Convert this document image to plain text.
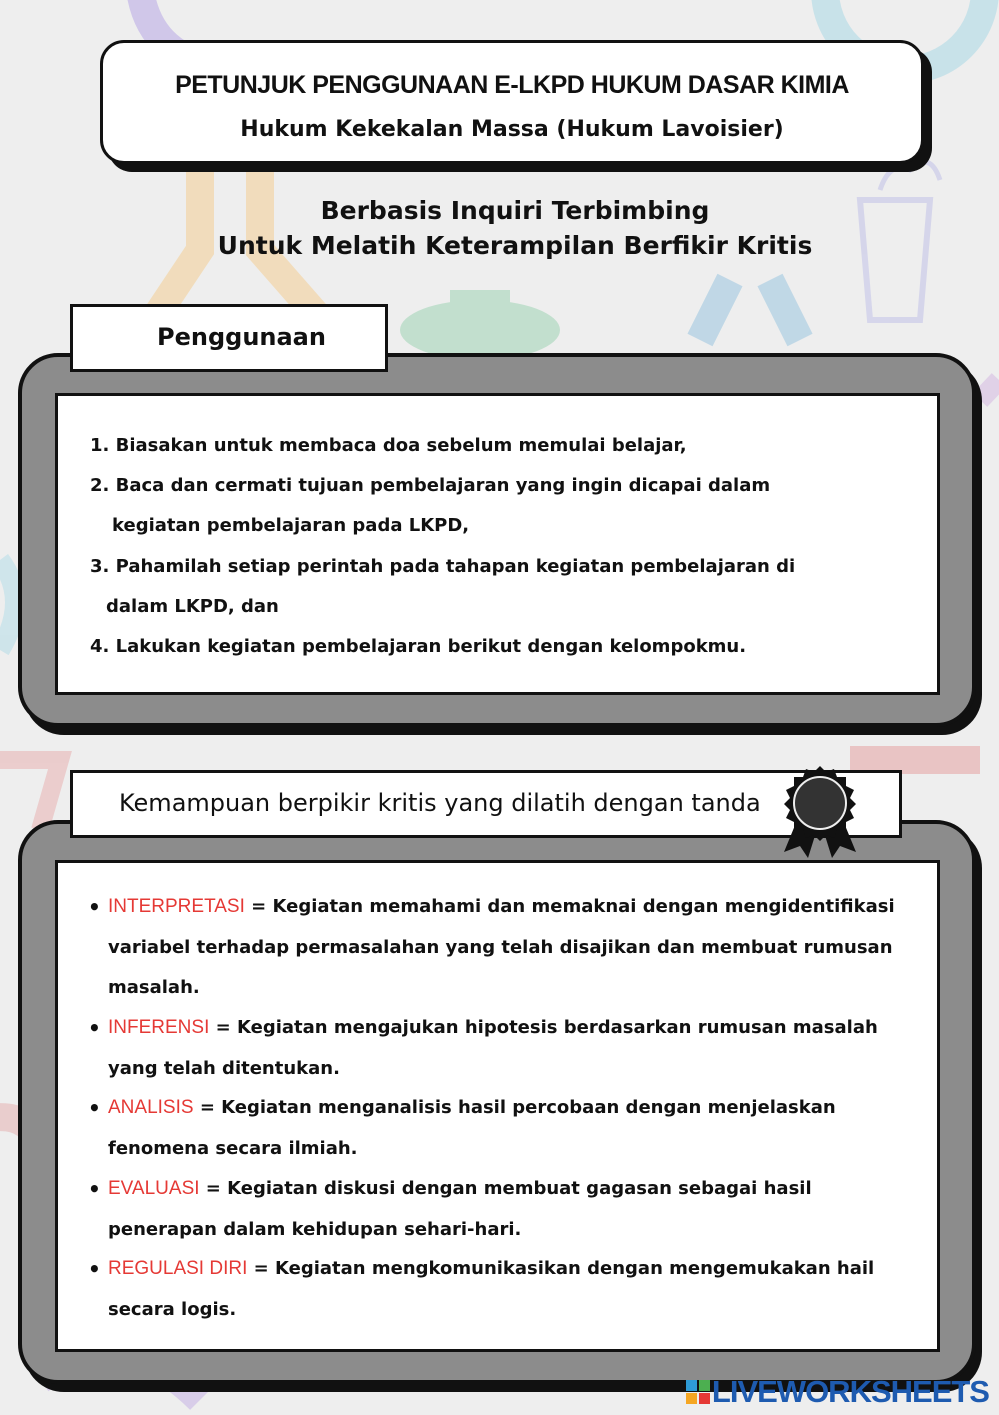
PETUNJUK PENGGUNAAN E-LKPD HUKUM DASAR KIMIA
Hukum Kekekalan Massa (Hukum Lavoisier)
Berbasis Inquiri Terbimbing
Untuk Melatih Keterampilan Berfikir Kritis
Penggunaan
1. Biasakan untuk membaca doa sebelum memulai belajar,
2. Baca dan cermati tujuan pembelajaran yang ingin dicapai dalam
kegiatan pembelajaran pada LKPD,
3. Pahamilah setiap perintah pada tahapan kegiatan pembelajaran di
dalam LKPD, dan
4. Lakukan kegiatan pembelajaran berikut dengan kelompokmu.
Kemampuan berpikir kritis yang dilatih dengan tanda
• INTERPRETASI = Kegiatan memahami dan memaknai dengan mengidentifikasi variabel terhadap permasalahan yang telah disajikan dan membuat rumusan masalah.
• INFERENSI = Kegiatan mengajukan hipotesis berdasarkan rumusan masalah yang telah ditentukan.
• ANALISIS = Kegiatan menganalisis hasil percobaan dengan menjelaskan fenomena secara ilmiah.
• EVALUASI = Kegiatan diskusi dengan membuat gagasan sebagai hasil penerapan dalam kehidupan sehari-hari.
• REGULASI DIRI = Kegiatan mengkomunikasikan dengan mengemukakan hail secara logis.
LIVEWORKSHEETS
